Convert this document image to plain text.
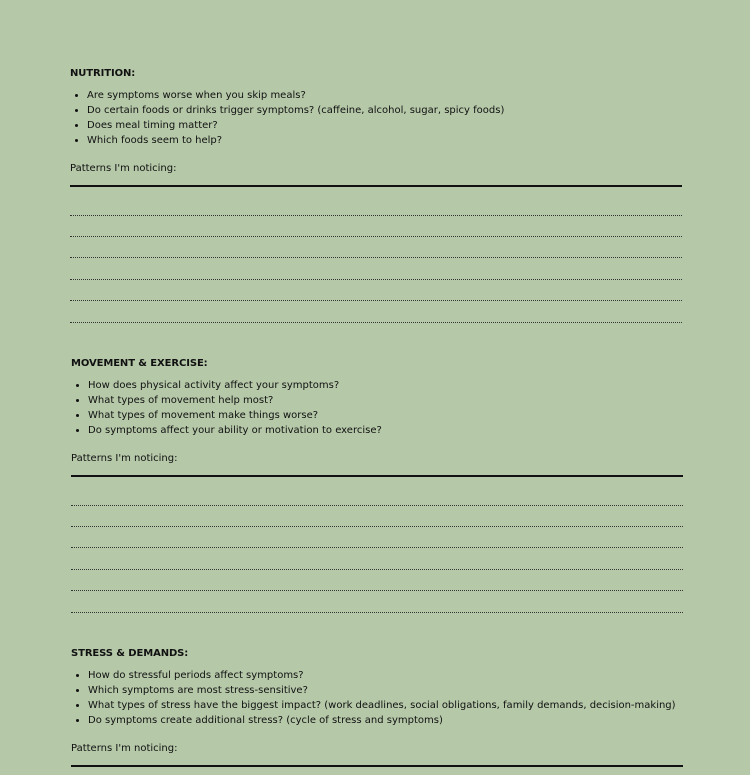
NUTRITION:
Are symptoms worse when you skip meals?
Do certain foods or drinks trigger symptoms? (caffeine, alcohol, sugar, spicy foods)
Does meal timing matter?
Which foods seem to help?
Patterns I'm noticing:
MOVEMENT & EXERCISE:
How does physical activity affect your symptoms?
What types of movement help most?
What types of movement make things worse?
Do symptoms affect your ability or motivation to exercise?
Patterns I'm noticing:
STRESS & DEMANDS:
How do stressful periods affect symptoms?
Which symptoms are most stress-sensitive?
What types of stress have the biggest impact? (work deadlines, social obligations, family demands, decision-making)
Do symptoms create additional stress? (cycle of stress and symptoms)
Patterns I'm noticing:
